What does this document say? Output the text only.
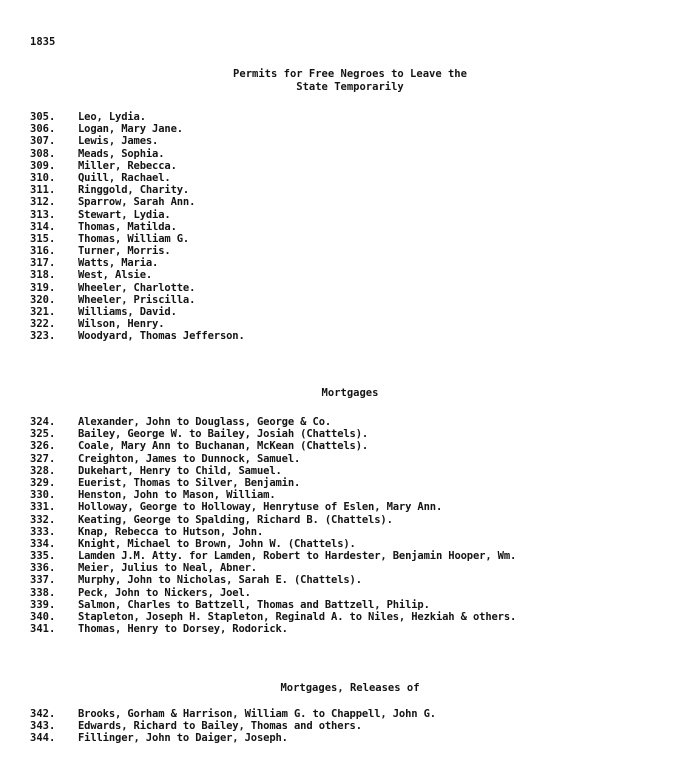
1835
Permits for Free Negroes to Leave the
State Temporarily
305.	Leo, Lydia.
306.	Logan, Mary Jane.
307.	Lewis, James.
308.	Meads, Sophia.
309.	Miller, Rebecca.
310.	Quill, Rachael.
311.	Ringgold, Charity.
312.	Sparrow, Sarah Ann.
313.	Stewart, Lydia.
314.	Thomas, Matilda.
315.	Thomas, William G.
316.	Turner, Morris.
317.	Watts, Maria.
318.	West, Alsie.
319.	Wheeler, Charlotte.
320.	Wheeler, Priscilla.
321.	Williams, David.
322.	Wilson, Henry.
323.	Woodyard, Thomas Jefferson.
Mortgages
324.	Alexander, John to Douglass, George & Co.
325.	Bailey, George W. to Bailey, Josiah (Chattels).
326.	Coale, Mary Ann to Buchanan, McKean (Chattels).
327.	Creighton, James to Dunnock, Samuel.
328.	Dukehart, Henry to Child, Samuel.
329.	Euerist, Thomas to Silver, Benjamin.
330.	Henston, John to Mason, William.
331.	Holloway, George to Holloway, Henrytuse of Eslen, Mary Ann.
332.	Keating, George to Spalding, Richard B. (Chattels).
333.	Knap, Rebecca to Hutson, John.
334.	Knight, Michael to Brown, John W. (Chattels).
335.	Lamden J.M. Atty. for Lamden, Robert to Hardester, Benjamin Hooper, Wm.
336.	Meier, Julius to Neal, Abner.
337.	Murphy, John to Nicholas, Sarah E. (Chattels).
338.	Peck, John to Nickers, Joel.
339.	Salmon, Charles to Battzell, Thomas and Battzell, Philip.
340.	Stapleton, Joseph H. Stapleton, Reginald A. to Niles, Hezkiah & others.
341.	Thomas, Henry to Dorsey, Rodorick.
Mortgages, Releases of
342.	Brooks, Gorham & Harrison, William G. to Chappell, John G.
343.	Edwards, Richard to Bailey, Thomas and others.
344.	Fillinger, John to Daiger, Joseph.
